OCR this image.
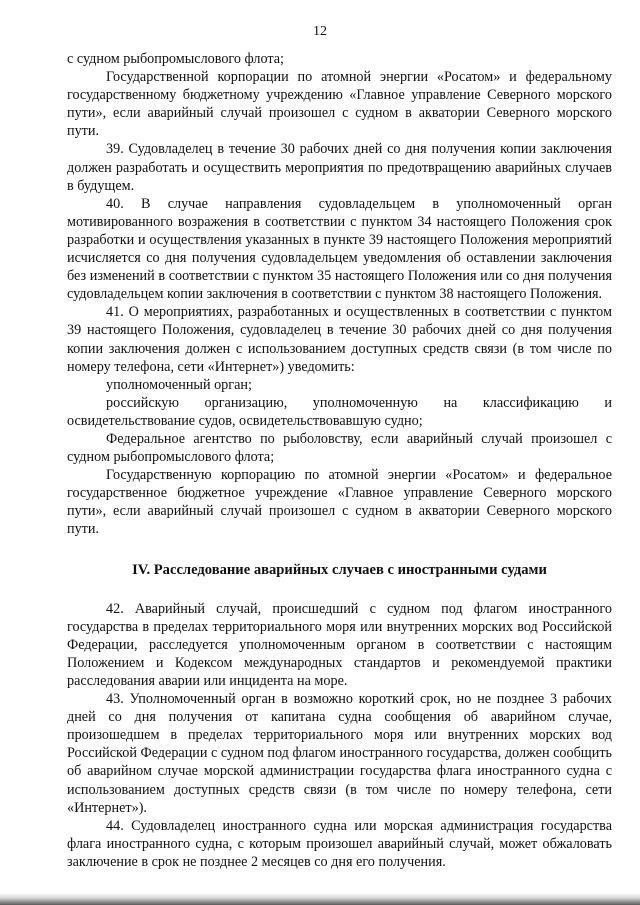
12

с судном рыбопромыслового флота;

Государственной корпорации по атомной энергии «Росатом» и федеральному государственному бюджетному учреждению «Главное управление Северного морского пути», если аварийный случай произошел с судном в акватории Северного морского пути.

39. Судовладелец в течение 30 рабочих дней со дня получения копии заключения должен разработать и осуществить мероприятия по предотвращению аварийных случаев в будущем.

40. В случае направления судовладельцем в уполномоченный орган мотивированного возражения в соответствии с пунктом 34 настоящего Положения срок разработки и осуществления указанных в пункте 39 настоящего Положения мероприятий исчисляется со дня получения судовладельцем уведомления об оставлении заключения без изменений в соответствии с пунктом 35 настоящего Положения или со дня получения судовладельцем копии заключения в соответствии с пунктом 38 настоящего Положения.

41. О мероприятиях, разработанных и осуществленных в соответствии с пунктом 39 настоящего Положения, судовладелец в течение 30 рабочих дней со дня получения копии заключения должен с использованием доступных средств связи (в том числе по номеру телефона, сети «Интернет») уведомить:

уполномоченный орган;

российскую организацию, уполномоченную на классификацию и освидетельствование судов, освидетельствовавшую судно;

Федеральное агентство по рыболовству, если аварийный случай произошел с судном рыбопромыслового флота;

Государственную корпорацию по атомной энергии «Росатом» и федеральное государственное бюджетное учреждение «Главное управление Северного морского пути», если аварийный случай произошел с судном в акватории Северного морского пути.

IV. Расследование аварийных случаев с иностранными судами

42. Аварийный случай, происшедший с судном под флагом иностранного государства в пределах территориального моря или внутренних морских вод Российской Федерации, расследуется уполномоченным органом в соответствии с настоящим Положением и Кодексом международных стандартов и рекомендуемой практики расследования аварии или инцидента на море.

43. Уполномоченный орган в возможно короткий срок, но не позднее 3 рабочих дней со дня получения от капитана судна сообщения об аварийном случае, произошедшем в пределах территориального моря или внутренних морских вод Российской Федерации с судном под флагом иностранного государства, должен сообщить об аварийном случае морской администрации государства флага иностранного судна с использованием доступных средств связи (в том числе по номеру телефона, сети «Интернет»).

44. Судовладелец иностранного судна или морская администрация государства флага иностранного судна, с которым произошел аварийный случай, может обжаловать заключение в срок не позднее 2 месяцев со дня его получения.
